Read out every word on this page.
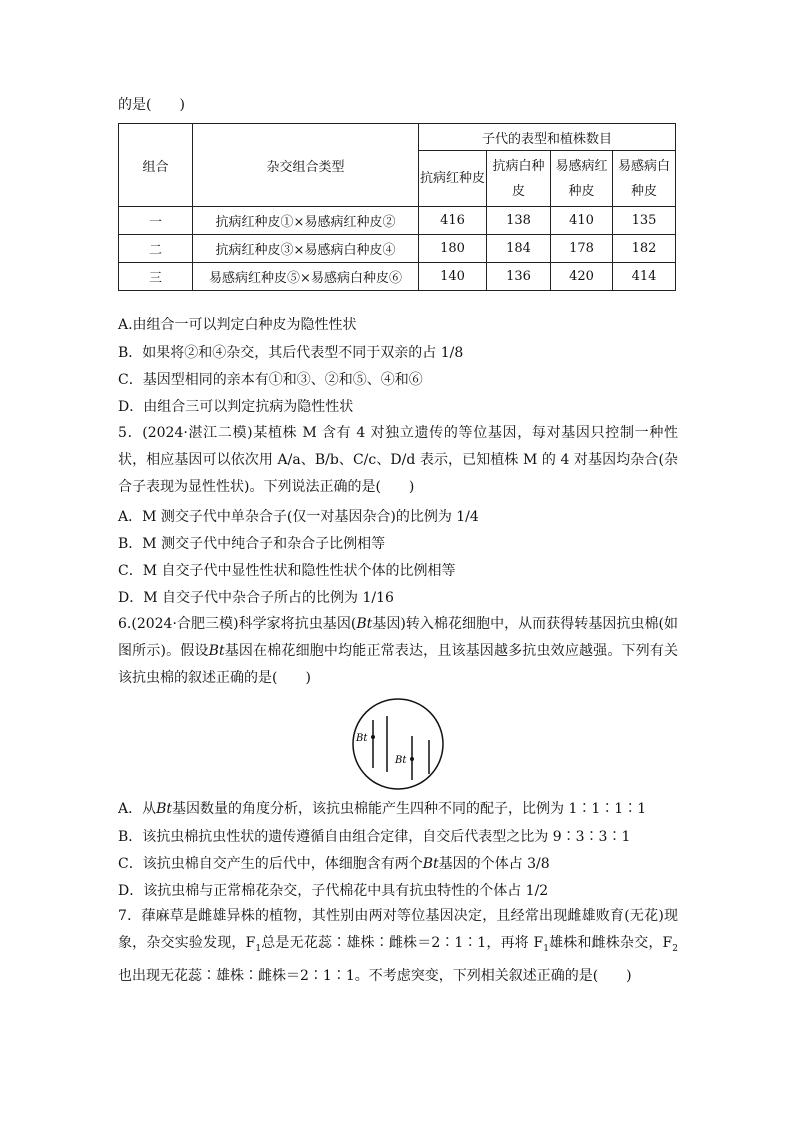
的是(　　)
组合	杂交组合类型	子代的表型和植株数目			
		抗病红种皮	抗病白种皮	易感病红种皮	易感病白种皮
一	抗病红种皮①×易感病红种皮②	416	138	410	135
二	抗病红种皮③×易感病白种皮④	180	184	178	182
三	易感病红种皮⑤×易感病白种皮⑥	140	136	420	414
A.由组合一可以判定白种皮为隐性性状
B．如果将②和④杂交，其后代表型不同于双亲的占 1/8
C．基因型相同的亲本有①和③、②和⑤、④和⑥
D．由组合三可以判定抗病为隐性性状

5．(2024·湛江二模)某植株 M 含有 4 对独立遗传的等位基因，每对基因只控制一种性状，相应基因可以依次用 A/a、B/b、C/c、D/d 表示，已知植株 M 的 4 对基因均杂合(杂合子表现为显性性状)。下列说法正确的是(　　)

A．M 测交子代中单杂合子(仅一对基因杂合)的比例为 1/4
B．M 测交子代中纯合子和杂合子比例相等
C．M 自交子代中显性性状和隐性性状个体的比例相等
D．M 自交子代中杂合子所占的比例为 1/16

6.(2024·合肥三模)科学家将抗虫基因(Bt基因)转入棉花细胞中，从而获得转基因抗虫棉(如图所示)。假设Bt基因在棉花细胞中均能正常表达，且该基因越多抗虫效应越强。下列有关该抗虫棉的叙述正确的是(　　)

Bt
Bt
A．从Bt基因数量的角度分析，该抗虫棉能产生四种不同的配子，比例为 1∶1∶1∶1
B．该抗虫棉抗虫性状的遗传遵循自由组合定律，自交后代表型之比为 9∶3∶3∶1
C．该抗虫棉自交产生的后代中，体细胞含有两个Bt基因的个体占 3/8
D．该抗虫棉与正常棉花杂交，子代棉花中具有抗虫特性的个体占 1/2

7．葎麻草是雌雄异株的植物，其性别由两对等位基因决定，且经常出现雌雄败育(无花)现象，杂交实验发现，$F_1$总是无花蕊∶雄株∶雌株＝2∶1∶1，再将 $F_1$雄株和雌株杂交，$F_2$也出现无花蕊∶雄株∶雌株＝2∶1∶1。不考虑突变，下列相关叙述正确的是(　　)
